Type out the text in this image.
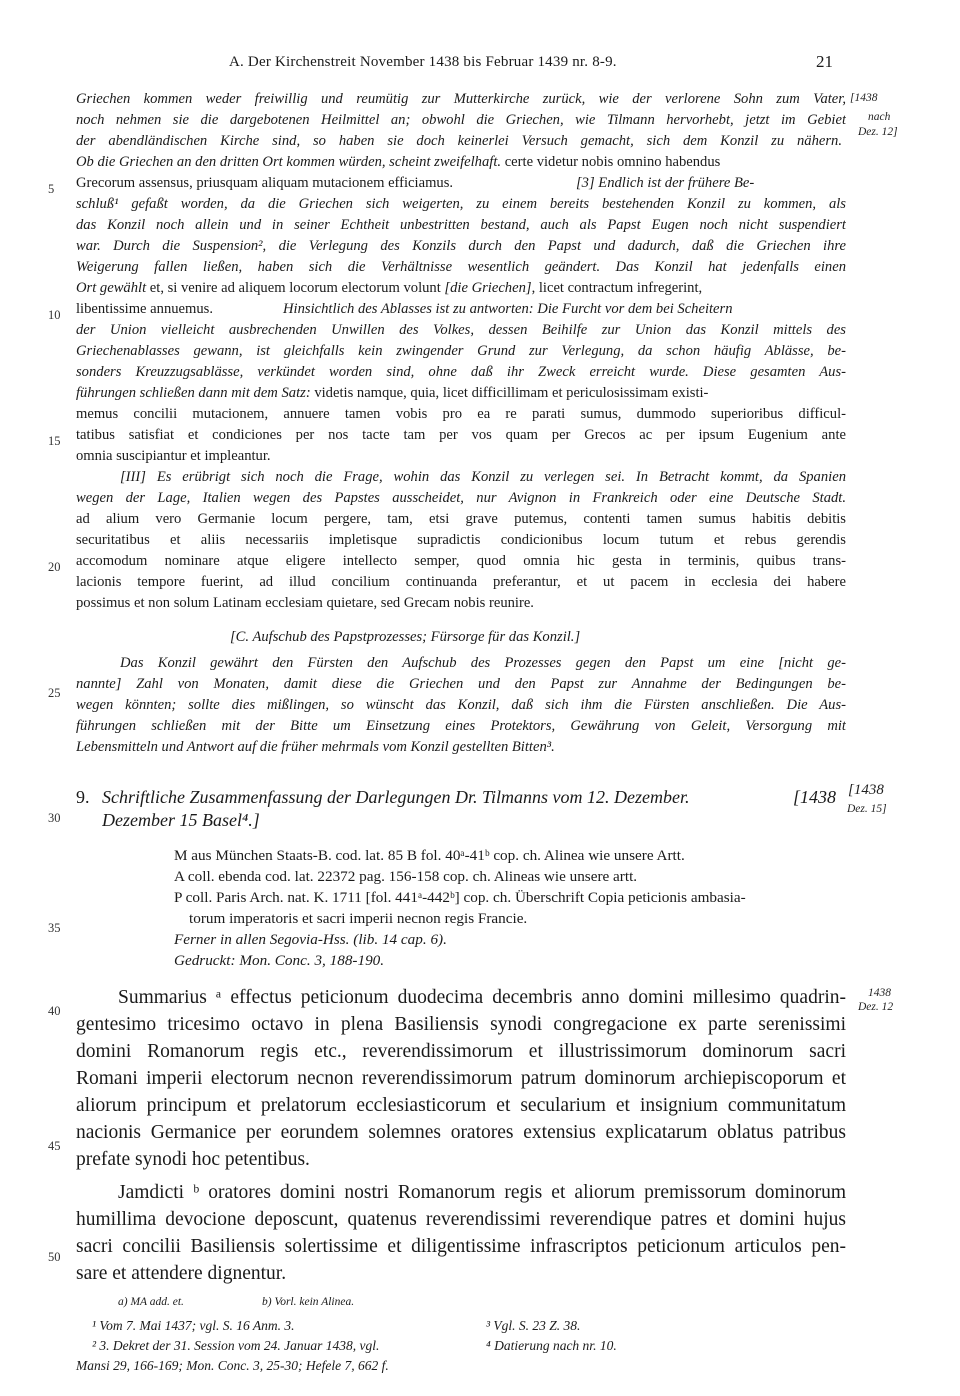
A. Der Kirchenstreit November 1438 bis Februar 1439 nr. 8-9.	21
[1438
nach
Dez. 12]
[1438
Dez. 15]
1438
Dez. 12
5
10
15
20
25
30
35
40
45
50
Griechen kommen weder freiwillig und reumütig zur Mutterkirche zurück, wie der verlorene Sohn zum Vater,
noch nehmen sie die dargebotenen Heilmittel an; obwohl die Griechen, wie Tilmann hervorhebt, jetzt im Gebiet
der abendländischen Kirche sind, so haben sie doch keinerlei Versuch gemacht, sich dem Konzil zu nähern.
Ob die Griechen an den dritten Ort kommen würden, scheint zweifelhaft. certe videtur nobis omnino habendus
Grecorum assensus, priusquam aliquam mutacionem efficiamus.	[3] Endlich ist der frühere Be-
schluß¹ gefaßt worden, da die Griechen sich weigerten, zu einem bereits bestehenden Konzil zu kommen, als
das Konzil noch allein und in seiner Echtheit unbestritten bestand, auch als Papst Eugen noch nicht suspendiert
war. Durch die Suspension², die Verlegung des Konzils durch den Papst und dadurch, daß die Griechen ihre
Weigerung fallen ließen, haben sich die Verhältnisse wesentlich geändert. Das Konzil hat jedenfalls einen
Ort gewählt et, si venire ad aliquem locorum electorum volunt [die Griechen], licet contractum infregerint,
libentissime annuemus.	Hinsichtlich des Ablasses ist zu antworten: Die Furcht vor dem bei Scheitern
der Union vielleicht ausbrechenden Unwillen des Volkes, dessen Beihilfe zur Union das Konzil mittels des
Griechenablasses gewann, ist gleichfalls kein zwingender Grund zur Verlegung, da schon häufig Ablässe, be-
sonders Kreuzzugsablässe, verkündet worden sind, ohne daß ihr Zweck erreicht wurde. Diese gesamten Aus-
führungen schließen dann mit dem Satz: videtis namque, quia, licet difficillimam et periculosissimam existi-
memus concilii mutacionem, annuere tamen vobis pro ea re parati sumus, dummodo superioribus difficul-
tatibus satisfiat et condiciones per nos tacte tam per vos quam per Grecos ac per ipsum Eugenium ante
omnia suscipiantur et impleantur.
[III] Es erübrigt sich noch die Frage, wohin das Konzil zu verlegen sei. In Betracht kommt, da Spanien
wegen der Lage, Italien wegen des Papstes ausscheidet, nur Avignon in Frankreich oder eine Deutsche Stadt.
ad alium vero Germanie locum pergere, tam, etsi grave putemus, contenti tamen sumus habitis debitis
securitatibus et aliis necessariis impletisque supradictis condicionibus locum tutum et rebus gerendis
accomodum nominare atque eligere intellecto semper, quod omnia hic gesta in terminis, quibus trans-
lacionis tempore fuerint, ad illud concilium continuanda preferantur, et ut pacem in ecclesia dei habere
possimus et non solum Latinam ecclesiam quietare, sed Grecam nobis reunire.
[C. Aufschub des Papstprozesses; Fürsorge für das Konzil.]
Das Konzil gewährt den Fürsten den Aufschub des Prozesses gegen den Papst um eine [nicht ge-
nannte] Zahl von Monaten, damit diese die Griechen und den Papst zur Annahme der Bedingungen be-
wegen könnten; sollte dies mißlingen, so wünscht das Konzil, daß sich ihm die Fürsten anschließen. Die Aus-
führungen schließen mit der Bitte um Einsetzung eines Protektors, Gewährung von Geleit, Versorgung mit
Lebensmitteln und Antwort auf die früher mehrmals vom Konzil gestellten Bitten³.
9. Schriftliche Zusammenfassung der Darlegungen Dr. Tilmanns vom 12. Dezember.	[1438
Dezember 15 Basel⁴.]
M aus München Staats-B. cod. lat. 85 B fol. 40ᵃ-41ᵇ cop. ch. Alinea wie unsere Artt.
A coll. ebenda cod. lat. 22372 pag. 156-158 cop. ch. Alineas wie unsere artt.
P coll. Paris Arch. nat. K. 1711 [fol. 441ᵃ-442ᵇ] cop. ch. Überschrift Copia peticionis ambasia-
torum imperatoris et sacri imperii necnon regis Francie.
Ferner in allen Segovia-Hss. (lib. 14 cap. 6).
Gedruckt: Mon. Conc. 3, 188-190.
Summarius ᵃ effectus peticionum duodecima decembris anno domini millesimo quadrin-
gentesimo tricesimo octavo in plena Basiliensis synodi congregacione ex parte serenissimi
domini Romanorum regis etc., reverendissimorum et illustrissimorum dominorum sacri
Romani imperii electorum necnon reverendissimorum patrum dominorum archiepiscoporum et
aliorum principum et prelatorum ecclesiasticorum et secularium et insignium communitatum
nacionis Germanice per eorundem solemnes oratores extensius explicatarum oblatus patribus
prefate synodi hoc petentibus.
Jamdicti ᵇ oratores domini nostri Romanorum regis et aliorum premissorum dominorum
humillima devocione deposcunt, quatenus reverendissimi reverendique patres et domini hujus
sacri concilii Basiliensis solertissime et diligentissime infrascriptos peticionum articulos pen-
sare et attendere dignentur.
a) MA add. et.	b) Vorl. kein Alinea.
¹ Vom 7. Mai 1437; vgl. S. 16 Anm. 3.
² 3. Dekret der 31. Session vom 24. Januar 1438, vgl.
Mansi 29, 166-169; Mon. Conc. 3, 25-30; Hefele 7, 662 f.
³ Vgl. S. 23 Z. 38.
⁴ Datierung nach nr. 10.
